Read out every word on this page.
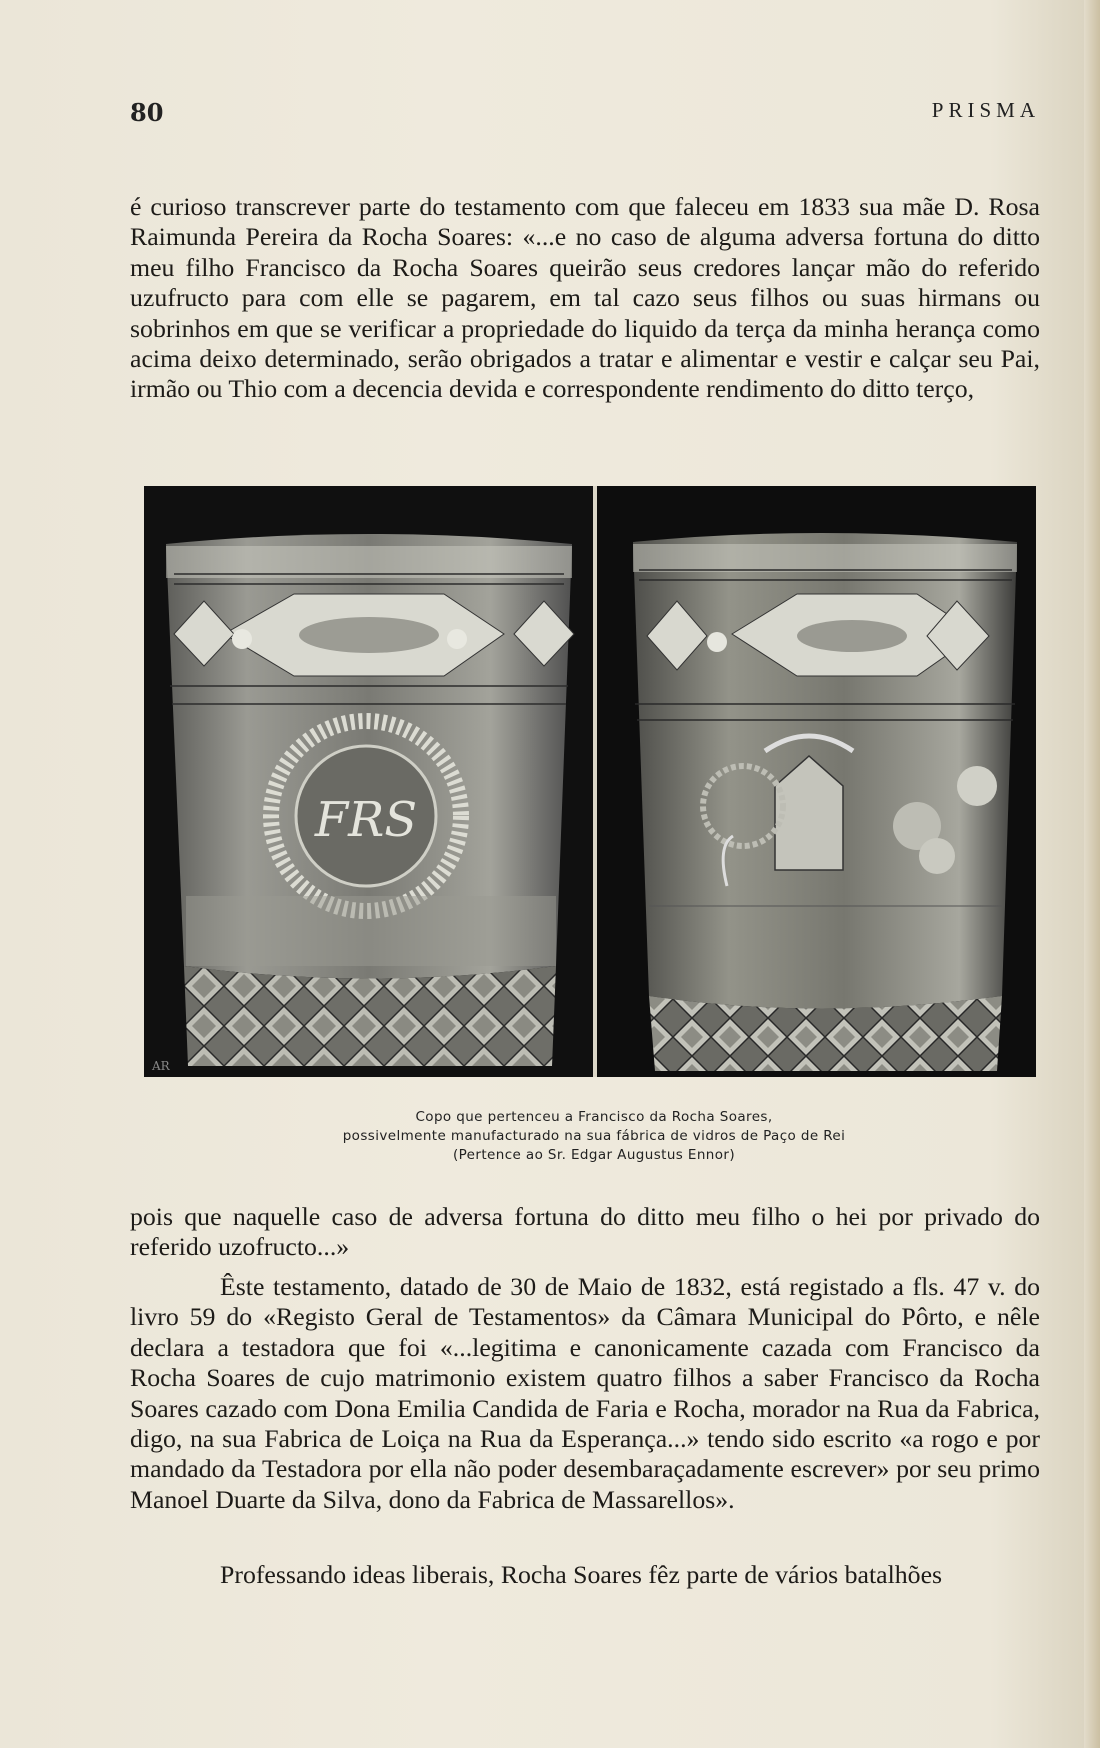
80	PRISMA

é curioso transcrever parte do testamento com que faleceu em 1833 sua mãe D. Rosa Raimunda Pereira da Rocha Soares: «...e no caso de alguma adversa fortuna do ditto meu filho Francisco da Rocha Soares queirão seus credores lançar mão do referido uzufructo para com elle se pagarem, em tal cazo seus filhos ou suas hirmans ou sobrinhos em que se verificar a propriedade do liquido da terça da minha herança como acima deixo determinado, serão obrigados a tratar e alimentar e vestir e calçar seu Pai, irmão ou Thio com a decencia devida e correspondente rendimento do ditto terço,

FRS
AR
Copo que pertenceu a Francisco da Rocha Soares,
possivelmente manufacturado na sua fábrica de vidros de Paço de Rei
(Pertence ao Sr. Edgar Augustus Ennor)

pois que naquelle caso de adversa fortuna do ditto meu filho o hei por privado do referido uzofructo...»

Êste testamento, datado de 30 de Maio de 1832, está registado a fls. 47 v. do livro 59 do «Registo Geral de Testamentos» da Câmara Municipal do Pôrto, e nêle declara a testadora que foi «...legitima e canonicamente cazada com Francisco da Rocha Soares de cujo matrimonio existem quatro filhos a saber Francisco da Rocha Soares cazado com Dona Emilia Candida de Faria e Rocha, morador na Rua da Fabrica, digo, na sua Fabrica de Loiça na Rua da Esperança...» tendo sido escrito «a rogo e por mandado da Testadora por ella não poder desembaraçadamente escrever» por seu primo Manoel Duarte da Silva, dono da Fabrica de Massarellos».

Professando ideas liberais, Rocha Soares fêz parte de vários batalhões
